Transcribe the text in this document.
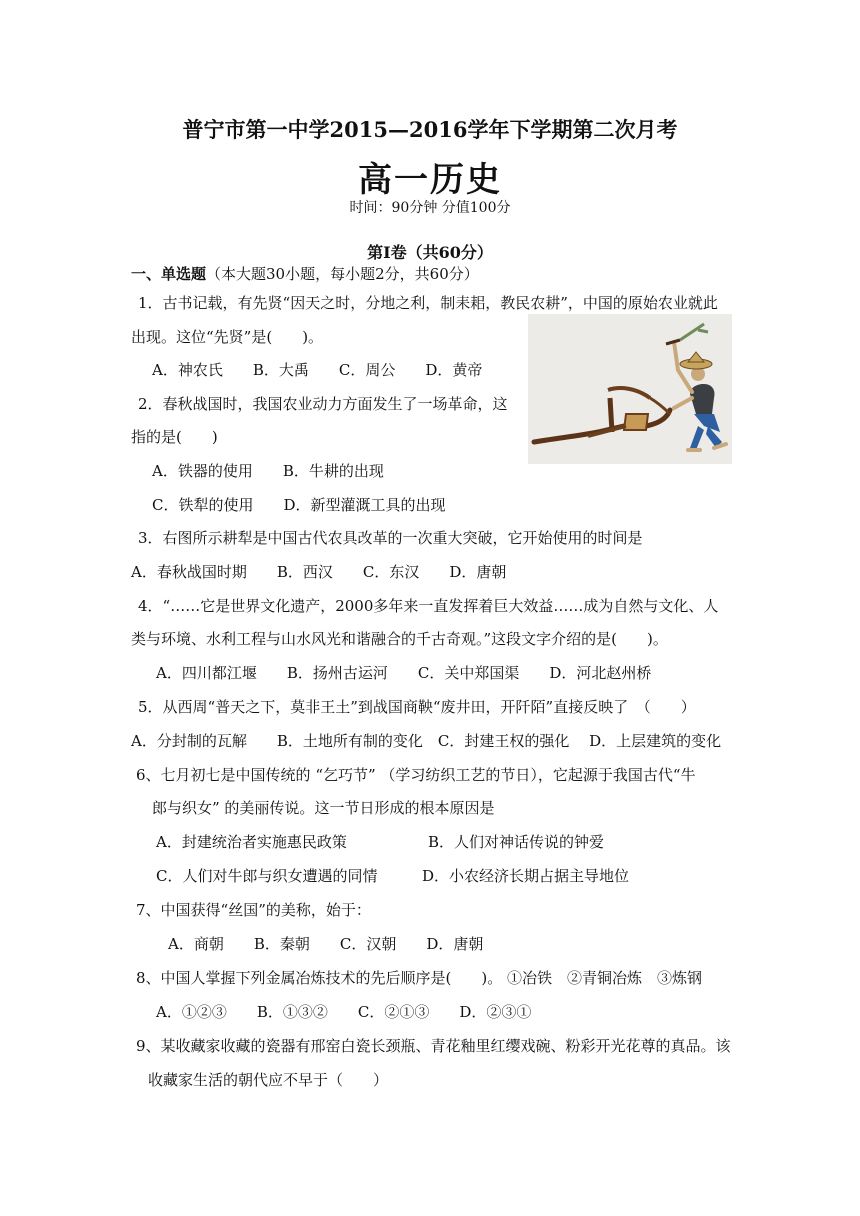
普宁市第一中学2015—2016学年下学期第二次月考
高一历史
时间：90分钟 分值100分
第Ⅰ卷（共60分）
一、单选题（本大题30小题，每小题2分，共60分）
1．古书记载，有先贤“因天之时，分地之利，制耒耜，教民农耕”，中国的原始农业就此
出现。这位“先贤”是(　　)。
A．神农氏　　B．大禹　　C．周公　　D．黄帝
2．春秋战国时，我国农业动力方面发生了一场革命，这
指的是(　　)
A．铁器的使用　　B．牛耕的出现
C．铁犁的使用　　D．新型灌溉工具的出现
3．右图所示耕犁是中国古代农具改革的一次重大突破，它开始使用的时间是
A．春秋战国时期　　B．西汉　　C．东汉　　D．唐朝
4．“……它是世界文化遗产，2000多年来一直发挥着巨大效益……成为自然与文化、人
类与环境、水利工程与山水风光和谐融合的千古奇观。”这段文字介绍的是(　　)。
A．四川都江堰　　B．扬州古运河　　C．关中郑国渠　　D．河北赵州桥
5．从西周“普天之下，莫非王土”到战国商鞅“废井田，开阡陌”直接反映了　（　　）
A．分封制的瓦解　　B．土地所有制的变化　C．封建王权的强化　 D．上层建筑的变化
6、七月初七是中国传统的 “乞巧节” （学习纺织工艺的节日），它起源于我国古代“牛
郎与织女” 的美丽传说。这一节日形成的根本原因是
A．封建统治者实施惠民政策	B．人们对神话传说的钟爱
C．人们对牛郎与织女遭遇的同情	D．小农经济长期占据主导地位
7、中国获得“丝国”的美称，始于：
A．商朝　　B．秦朝　　C．汉朝　　D．唐朝
8、中国人掌握下列金属冶炼技术的先后顺序是(　　)。 ①冶铁　②青铜冶炼　③炼钢
A．①②③　　B．①③②　　C．②①③　　D．②③①
9、某收藏家收藏的瓷器有邢窑白瓷长颈瓶、青花釉里红缨戏碗、粉彩开光花尊的真品。该
收藏家生活的朝代应不早于（　　）
